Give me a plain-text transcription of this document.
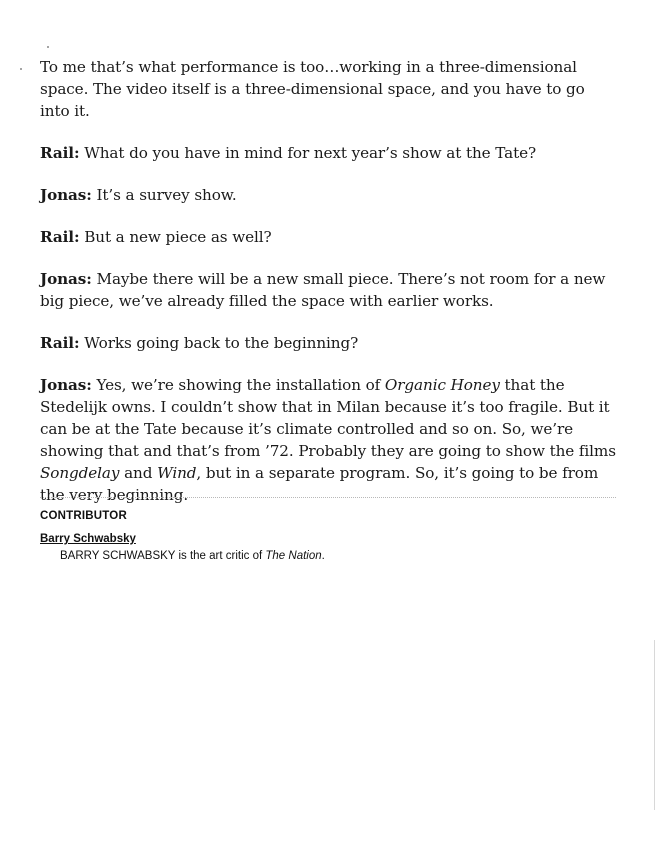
To me that’s what performance is too…working in a three-dimensional space. The video itself is a three-dimensional space, and you have to go into it.

Rail: What do you have in mind for next year’s show at the Tate?

Jonas: It’s a survey show.

Rail: But a new piece as well?

Jonas: Maybe there will be a new small piece. There’s not room for a new big piece, we’ve already filled the space with earlier works.

Rail: Works going back to the beginning?

Jonas: Yes, we’re showing the installation of Organic Honey that the Stedelijk owns. I couldn’t show that in Milan because it’s too fragile. But it can be at the Tate because it’s climate controlled and so on. So, we’re showing that and that’s from ’72. Probably they are going to show the films Songdelay and Wind, but in a separate program. So, it’s going to be from the very beginning.

CONTRIBUTOR
Barry Schwabsky
BARRY SCHWABSKY is the art critic of The Nation.
